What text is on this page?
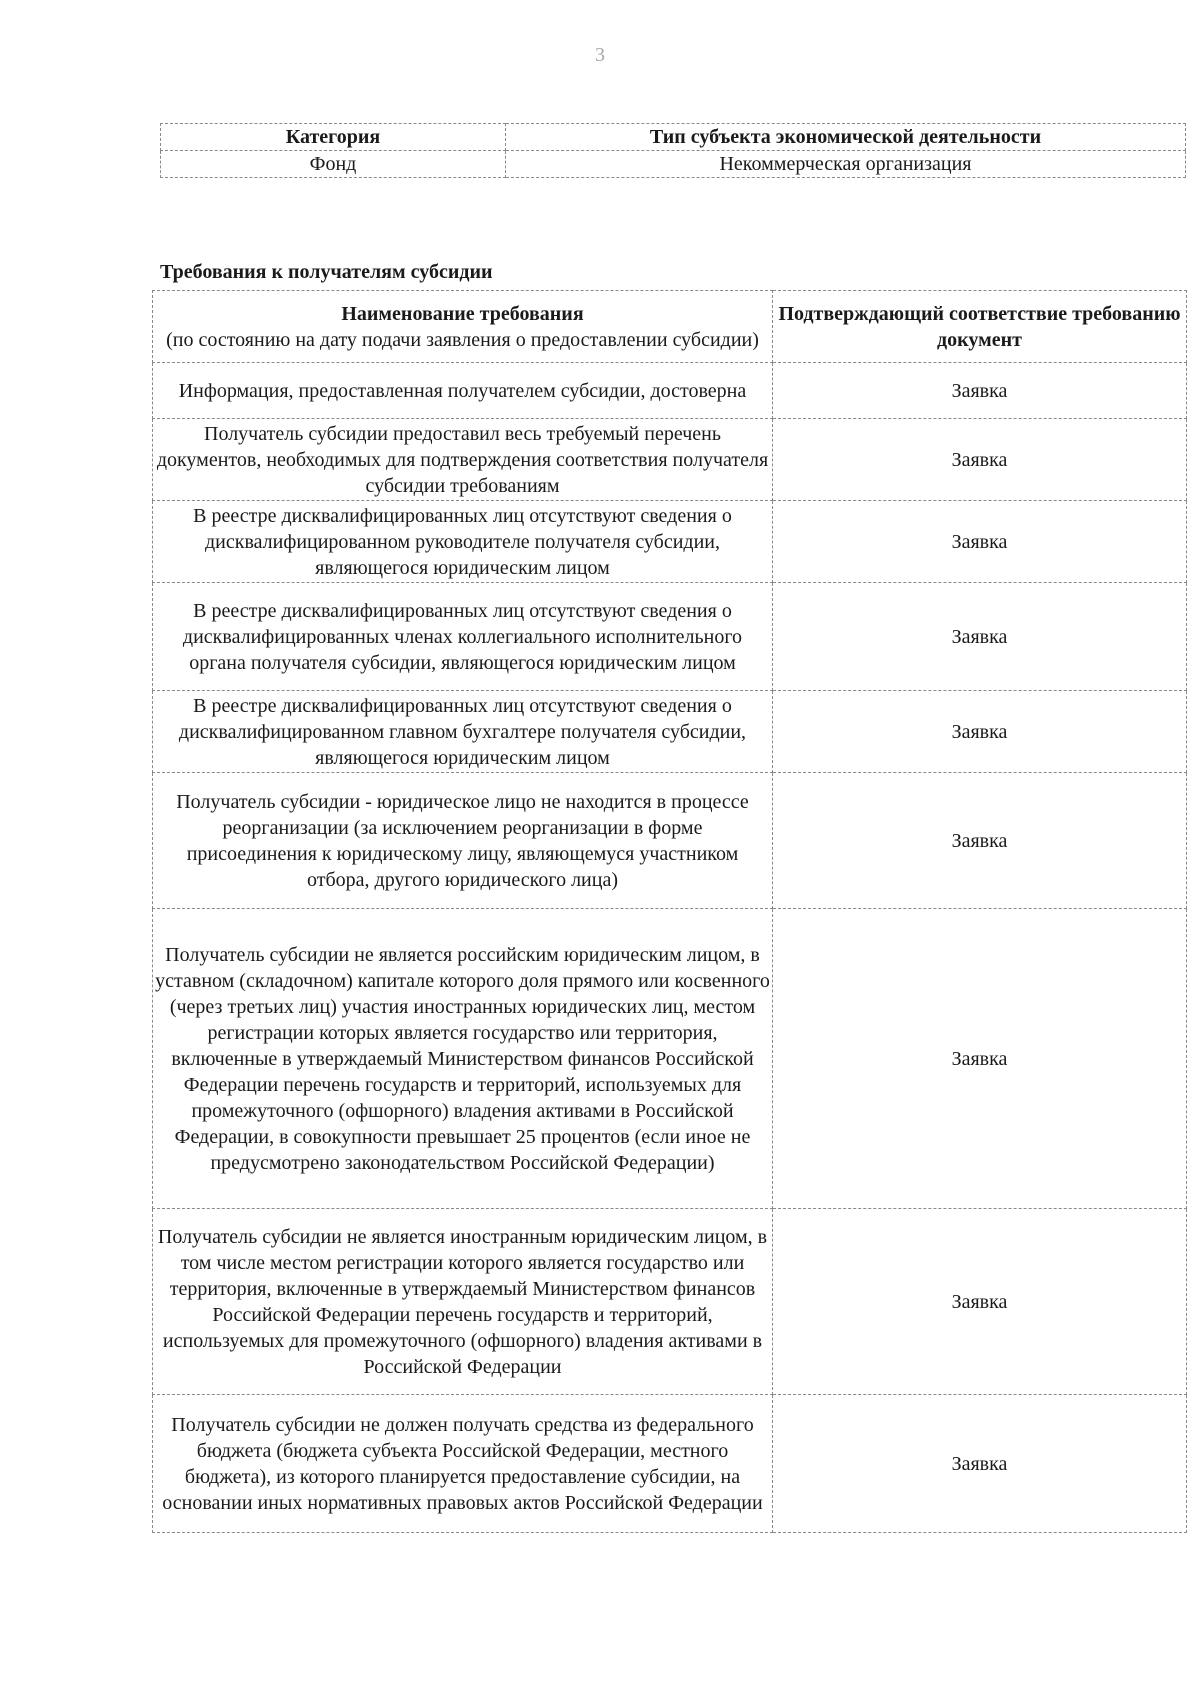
3
Категория	Тип субъекта экономической деятельности
Фонд	Некоммерческая организация
Требования к получателям субсидии
Наименование требования
(по состоянию на дату подачи заявления о предоставлении субсидии)	Подтверждающий соответствие требованию документ
Информация, предоставленная получателем субсидии, достоверна	Заявка
Получатель субсидии предоставил весь требуемый перечень документов, необходимых для подтверждения соответствия получателя субсидии требованиям	Заявка
В реестре дисквалифицированных лиц отсутствуют сведения о дисквалифицированном руководителе получателя субсидии, являющегося юридическим лицом	Заявка
В реестре дисквалифицированных лиц отсутствуют сведения о дисквалифицированных членах коллегиального исполнительного органа получателя субсидии, являющегося юридическим лицом	Заявка
В реестре дисквалифицированных лиц отсутствуют сведения о дисквалифицированном главном бухгалтере получателя субсидии, являющегося юридическим лицом	Заявка
Получатель субсидии - юридическое лицо не находится в процессе реорганизации (за исключением реорганизации в форме присоединения к юридическому лицу, являющемуся участником отбора, другого юридического лица)	Заявка
Получатель субсидии не является российским юридическим лицом, в уставном (складочном) капитале которого доля прямого или косвенного (через третьих лиц) участия иностранных юридических лиц, местом регистрации которых является государство или территория, включенные в утверждаемый Министерством финансов Российской Федерации перечень государств и территорий, используемых для промежуточного (офшорного) владения активами в Российской Федерации, в совокупности превышает 25 процентов (если иное не предусмотрено законодательством Российской Федерации)	Заявка
Получатель субсидии не является иностранным юридическим лицом, в том числе местом регистрации которого является государство или территория, включенные в утверждаемый Министерством финансов Российской Федерации перечень государств и территорий, используемых для промежуточного (офшорного) владения активами в Российской Федерации	Заявка
Получатель субсидии не должен получать средства из федерального бюджета (бюджета субъекта Российской Федерации, местного бюджета), из которого планируется предоставление субсидии, на основании иных нормативных правовых актов Российской Федерации	Заявка
